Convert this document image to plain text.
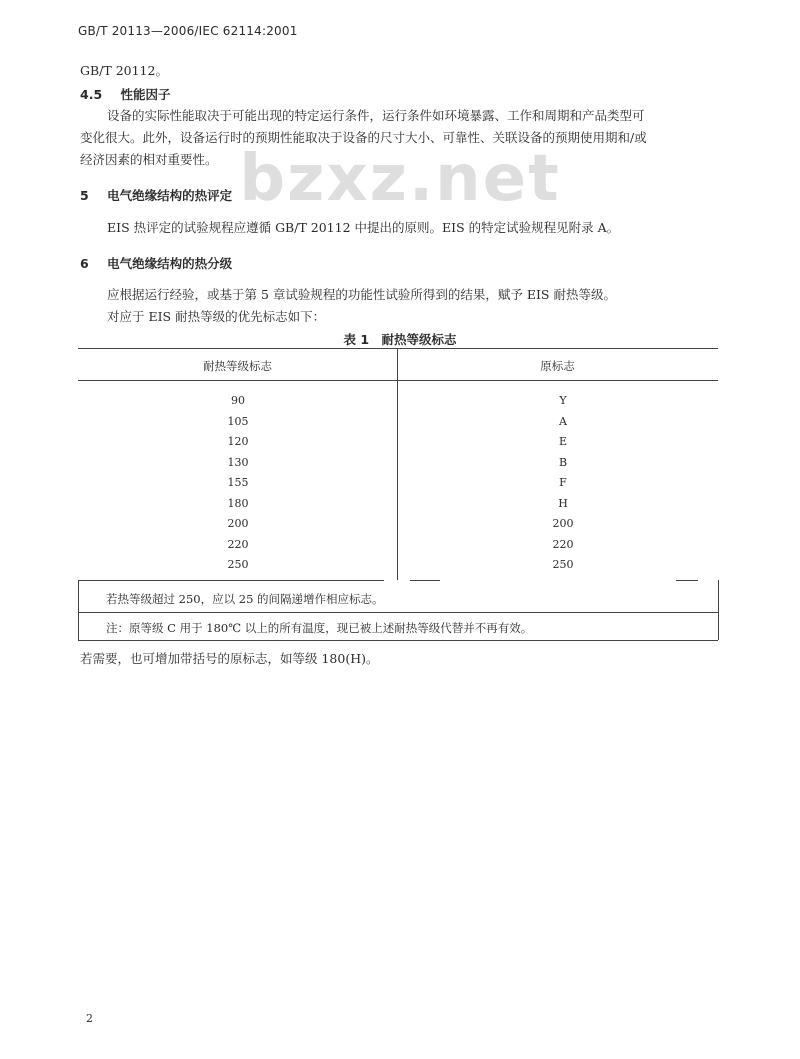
GB/T 20113—2006/IEC 62114:2001
bzxz.net
GB/T 20112。
4.5 性能因子
设备的实际性能取决于可能出现的特定运行条件，运行条件如环境暴露、工作和周期和产品类型可
变化很大。此外，设备运行时的预期性能取决于设备的尺寸大小、可靠性、关联设备的预期使用期和/或
经济因素的相对重要性。
5 电气绝缘结构的热评定
EIS 热评定的试验规程应遵循 GB/T 20112 中提出的原则。EIS 的特定试验规程见附录 A。
6 电气绝缘结构的热分级
应根据运行经验，或基于第 5 章试验规程的功能性试验所得到的结果，赋予 EIS 耐热等级。
对应于 EIS 耐热等级的优先标志如下：
表 1　耐热等级标志
耐热等级标志	原标志
90	Y
105	A
120	E
130	B
155	F
180	H
200	200
220	220
250	250
若热等级超过 250，应以 25 的间隔递增作相应标志。
注：原等级 C 用于 180℃ 以上的所有温度，现已被上述耐热等级代替并不再有效。
若需要，也可增加带括号的原标志，如等级 180(H)。
2
